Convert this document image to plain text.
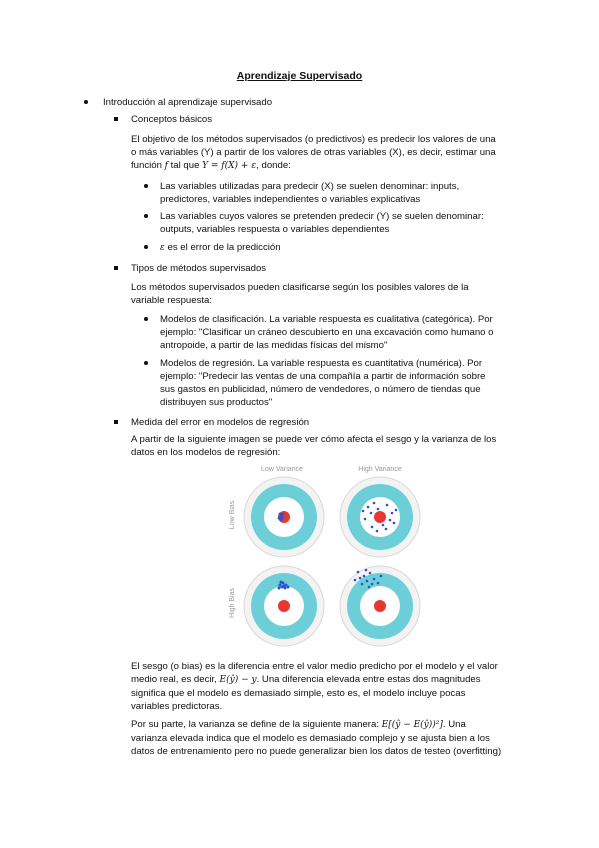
Aprendizaje Supervisado
Introducción al aprendizaje supervisado
Conceptos básicos
El objetivo de los métodos supervisados (o predictivos) es predecir los valores de una
o más variables (Y) a partir de los valores de otras variables (X), es decir, estimar una
función f tal que Y = f(X) + ε, donde:
Las variables utilizadas para predecir (X) se suelen denominar: inputs,
predictores, variables independientes o variables explicativas
Las variables cuyos valores se pretenden predecir (Y) se suelen denominar:
outputs, variables respuesta o variables dependientes
ε es el error de la predicción
Tipos de métodos supervisados
Los métodos supervisados pueden clasificarse según los posibles valores de la
variable respuesta:
Modelos de clasificación. La variable respuesta es cualitativa (categórica). Por
ejemplo: "Clasificar un cráneo descubierto en una excavación como humano o
antropoide, a partir de las medidas físicas del mismo"
Modelos de regresión. La variable respuesta es cuantitativa (numérica). Por
ejemplo: "Predecir las ventas de una compañía a partir de información sobre
sus gastos en publicidad, número de vendedores, o número de tiendas que
distribuyen sus productos"
Medida del error en modelos de regresión
A partir de la siguiente imagen se puede ver cómo afecta el sesgo y la varianza de los
datos en los modelos de regresión:
Low Variance	High Variance
Low Bias
High Bias
El sesgo (o bias) es la diferencia entre el valor medio predicho por el modelo y el valor
medio real, es decir, E(ŷ) − y. Una diferencia elevada entre estas dos magnitudes
significa que el modelo es demasiado simple, esto es, el modelo incluye pocas
variables predictoras.
Por su parte, la varianza se define de la siguiente manera: E[(ŷ − E(ŷ))²]. Una
varianza elevada indica que el modelo es demasiado complejo y se ajusta bien a los
datos de entrenamiento pero no puede generalizar bien los datos de testeo (overfitting)
